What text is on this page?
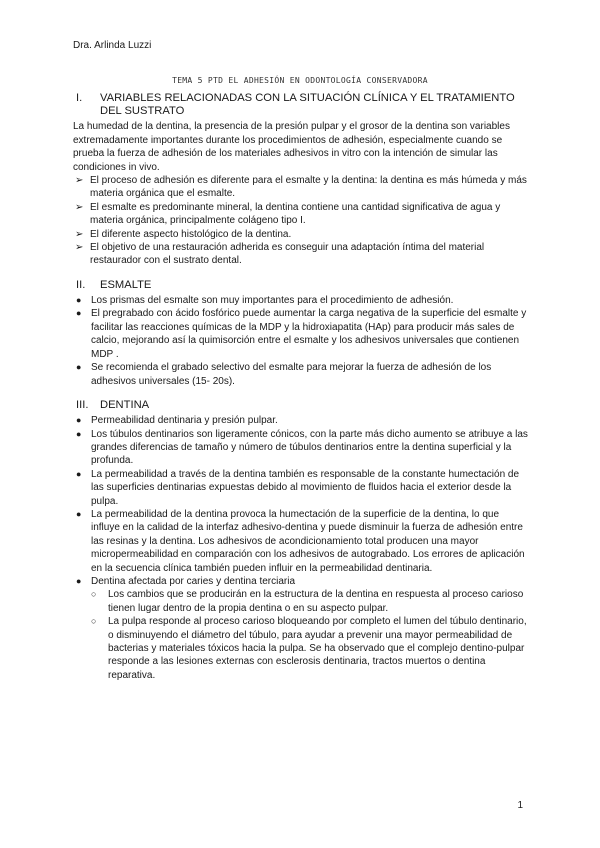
Dra. Arlinda Luzzi
TEMA 5 PTD EL ADHESIÓN EN ODONTOLOGÍA CONSERVADORA
I.	VARIABLES RELACIONADAS CON LA SITUACIÓN CLÍNICA Y EL TRATAMIENTO DEL SUSTRATO

La humedad de la dentina, la presencia de la presión pulpar y el grosor de la dentina son variables extremadamente importantes durante los procedimientos de adhesión, especialmente cuando se prueba la fuerza de adhesión de los materiales adhesivos in vitro con la intención de simular las condiciones in vivo.

➢ El proceso de adhesión es diferente para el esmalte y la dentina: la dentina es más húmeda y más materia orgánica que el esmalte.
➢ El esmalte es predominante mineral, la dentina contiene una cantidad significativa de agua y materia orgánica, principalmente colágeno tipo I.
➢ El diferente aspecto histológico de la dentina.
➢ El objetivo de una restauración adherida es conseguir una adaptación íntima del material restaurador con el sustrato dental.
II.	ESMALTE
● Los prismas del esmalte son muy importantes para el procedimiento de adhesión.
● El pregrabado con ácido fosfórico puede aumentar la carga negativa de la superficie del esmalte y facilitar las reacciones químicas de la MDP y la hidroxiapatita (HAp) para producir más sales de calcio, mejorando así la quimisorción entre el esmalte y los adhesivos universales que contienen MDP .
● Se recomienda el grabado selectivo del esmalte para mejorar la fuerza de adhesión de los adhesivos universales (15- 20s).
III.	DENTINA
● Permeabilidad dentinaria y presión pulpar.
● Los túbulos dentinarios son ligeramente cónicos, con la parte más dicho aumento se atribuye a las grandes diferencias de tamaño y número de túbulos dentinarios entre la dentina superficial y la profunda.
● La permeabilidad a través de la dentina también es responsable de la constante humectación de las superficies dentinarias expuestas debido al movimiento de fluidos hacia el exterior desde la pulpa.
● La permeabilidad de la dentina provoca la humectación de la superficie de la dentina, lo que influye en la calidad de la interfaz adhesivo-dentina y puede disminuir la fuerza de adhesión entre las resinas y la dentina. Los adhesivos de acondicionamiento total producen una mayor micropermeabilidad en comparación con los adhesivos de autograbado. Los errores de aplicación en la secuencia clínica también pueden influir en la permeabilidad dentinaria.
● Dentina afectada por caries y dentina terciaria
○ Los cambios que se producirán en la estructura de la dentina en respuesta al proceso carioso tienen lugar dentro de la propia dentina o en su aspecto pulpar.
○ La pulpa responde al proceso carioso bloqueando por completo el lumen del túbulo dentinario, o disminuyendo el diámetro del túbulo, para ayudar a prevenir una mayor permeabilidad de bacterias y materiales tóxicos hacia la pulpa. Se ha observado que el complejo dentino-pulpar responde a las lesiones externas con esclerosis dentinaria, tractos muertos o dentina reparativa.
1
